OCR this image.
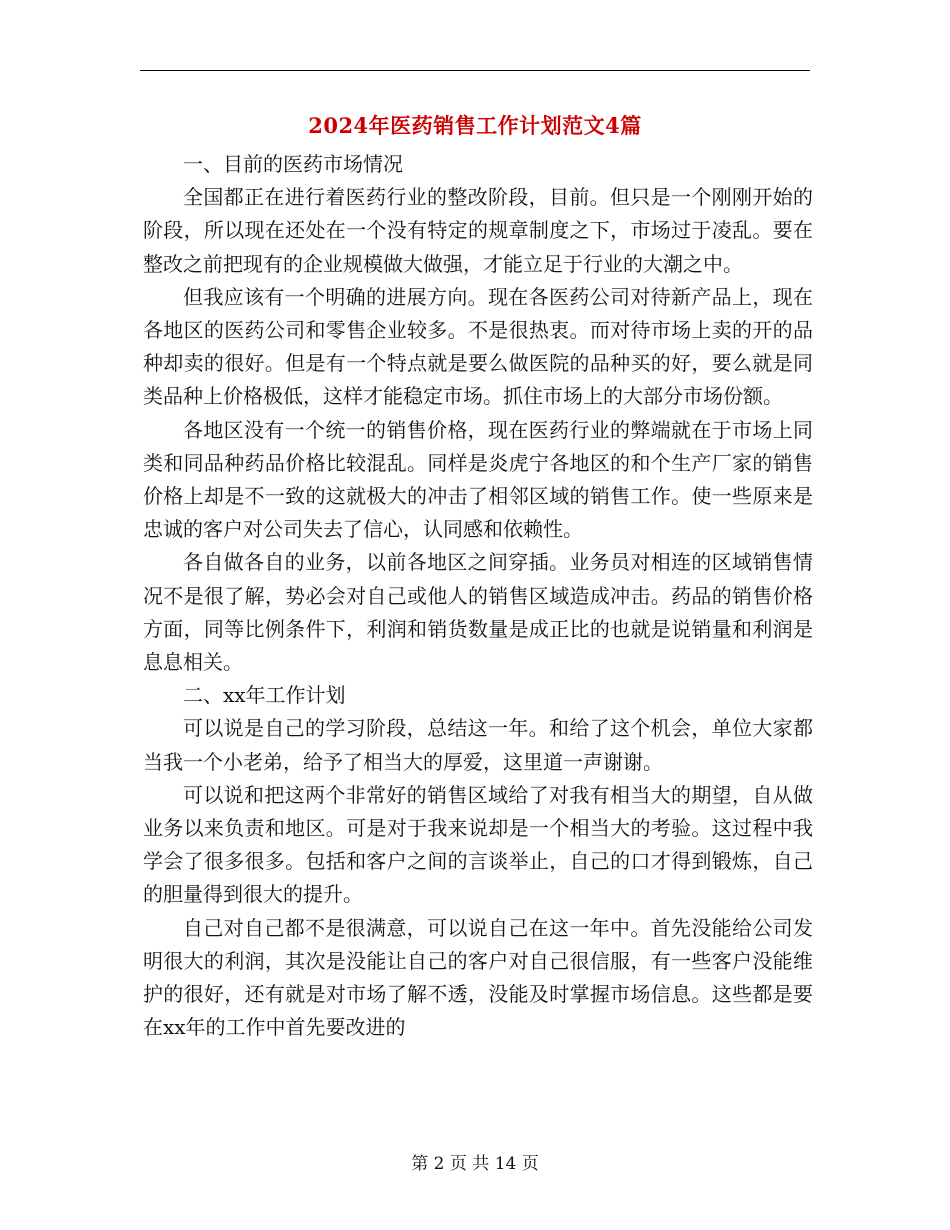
2024年医药销售工作计划范文4篇

一、目前的医药市场情况

全国都正在进行着医药行业的整改阶段，目前。但只是一个刚刚开始的阶段，所以现在还处在一个没有特定的规章制度之下，市场过于凌乱。要在整改之前把现有的企业规模做大做强，才能立足于行业的大潮之中。

但我应该有一个明确的进展方向。现在各医药公司对待新产品上，现在各地区的医药公司和零售企业较多。不是很热衷。而对待市场上卖的开的品种却卖的很好。但是有一个特点就是要么做医院的品种买的好，要么就是同类品种上价格极低，这样才能稳定市场。抓住市场上的大部分市场份额。

各地区没有一个统一的销售价格，现在医药行业的弊端就在于市场上同类和同品种药品价格比较混乱。同样是炎虎宁各地区的和个生产厂家的销售价格上却是不一致的这就极大的冲击了相邻区域的销售工作。使一些原来是忠诚的客户对公司失去了信心，认同感和依赖性。

各自做各自的业务，以前各地区之间穿插。业务员对相连的区域销售情况不是很了解，势必会对自己或他人的销售区域造成冲击。药品的销售价格方面，同等比例条件下，利润和销货数量是成正比的也就是说销量和利润是息息相关。

二、xx年工作计划

可以说是自己的学习阶段，总结这一年。和给了这个机会，单位大家都当我一个小老弟，给予了相当大的厚爱，这里道一声谢谢。

可以说和把这两个非常好的销售区域给了对我有相当大的期望，自从做业务以来负责和地区。可是对于我来说却是一个相当大的考验。这过程中我学会了很多很多。包括和客户之间的言谈举止，自己的口才得到锻炼，自己的胆量得到很大的提升。

自己对自己都不是很满意，可以说自己在这一年中。首先没能给公司发明很大的利润，其次是没能让自己的客户对自己很信服，有一些客户没能维护的很好，还有就是对市场了解不透，没能及时掌握市场信息。这些都是要在xx年的工作中首先要改进的

第 2 页 共 14 页
